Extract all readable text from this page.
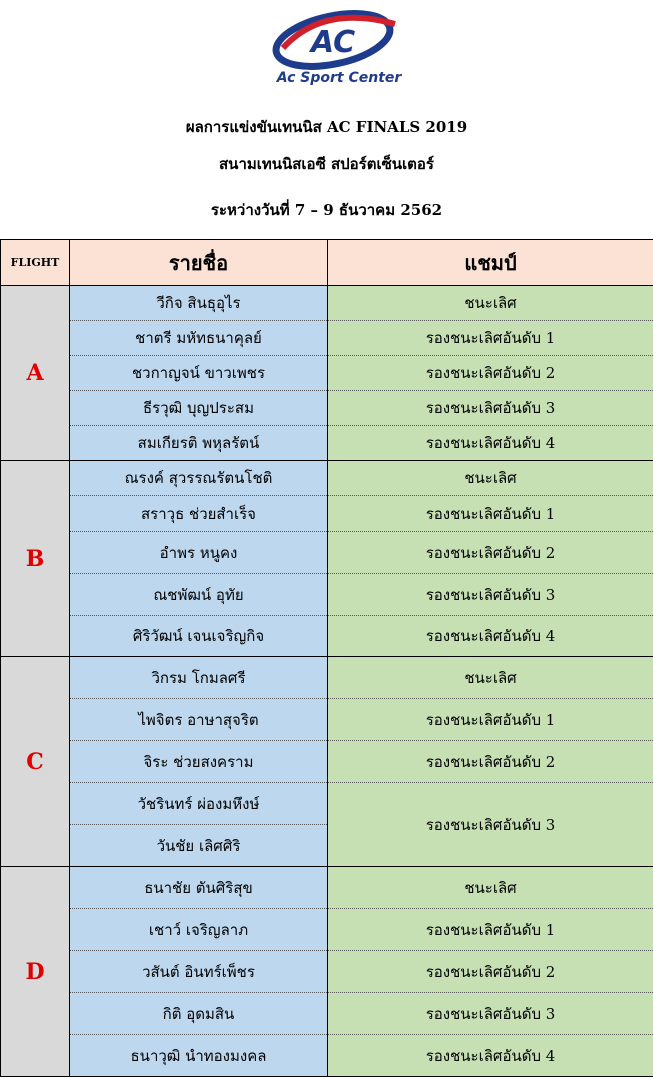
AC
Ac Sport Center
ผลการแข่งขันเทนนิส AC FINALS 2019
สนามเทนนิสเอซี สปอร์ตเซ็นเตอร์
ระหว่างวันที่ 7 – 9 ธันวาคม 2562
FLIGHT	รายชื่อ	แชมป์
A	วีกิจ สินธุอุไร	ชนะเลิศ
	ชาตรี มหัทธนาคุลย์	รองชนะเลิศอันดับ 1
	ชวกาญจน์ ขาวเพชร	รองชนะเลิศอันดับ 2
	ธีรวุฒิ บุญประสม	รองชนะเลิศอันดับ 3
	สมเกียรติ พหุลรัตน์	รองชนะเลิศอันดับ 4
B	ณรงค์ สุวรรณรัตนโชติ	ชนะเลิศ
	สราวุธ ช่วยสำเร็จ	รองชนะเลิศอันดับ 1
	อำพร หนูคง	รองชนะเลิศอันดับ 2
	ณชพัฒน์ อุทัย	รองชนะเลิศอันดับ 3
	ศิริวัฒน์ เจนเจริญกิจ	รองชนะเลิศอันดับ 4
C	วิกรม โกมลศรี	ชนะเลิศ
	ไพจิตร อาษาสุจริต	รองชนะเลิศอันดับ 1
	จิระ ช่วยสงคราม	รองชนะเลิศอันดับ 2
	วัชรินทร์ ผ่องมหึงษ์	รองชนะเลิศอันดับ 3
	วันชัย เลิศศิริ	
D	ธนาชัย ตันศิริสุข	ชนะเลิศ
	เชาว์ เจริญลาภ	รองชนะเลิศอันดับ 1
	วสันต์ อินทร์เพ็ชร	รองชนะเลิศอันดับ 2
	กิติ อุดมสิน	รองชนะเลิศอันดับ 3
	ธนาวุฒิ นำทองมงคล	รองชนะเลิศอันดับ 4
